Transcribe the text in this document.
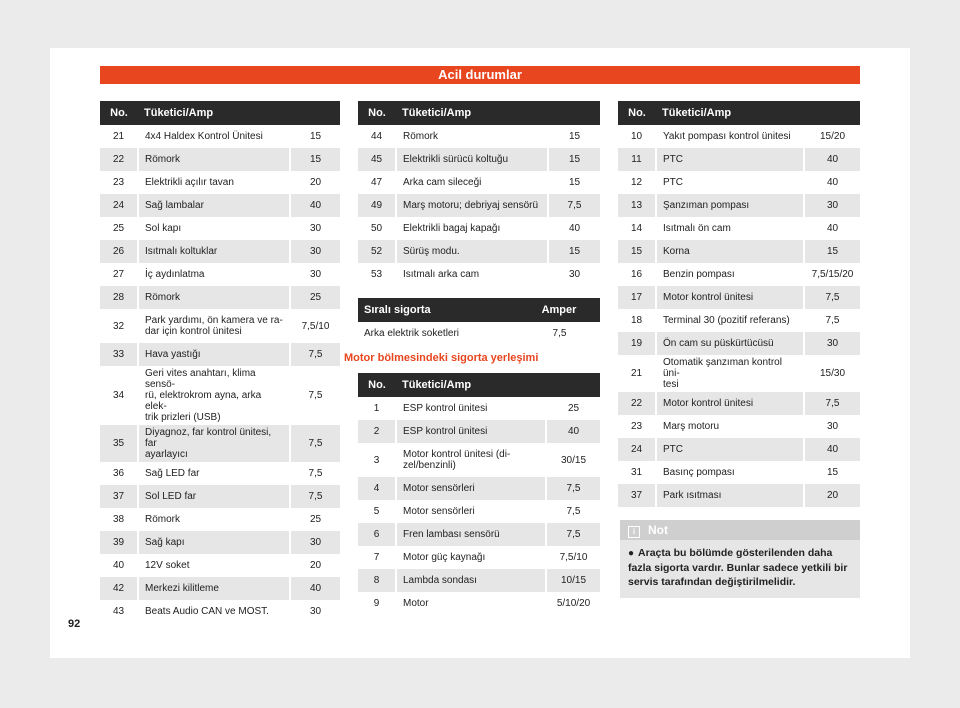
Acil durumlar
No.	Tüketici/Amp	
21	4x4 Haldex Kontrol Ünitesi	15
22	Römork	15
23	Elektrikli açılır tavan	20
24	Sağ lambalar	40
25	Sol kapı	30
26	Isıtmalı koltuklar	30
27	İç aydınlatma	30
28	Römork	25
32	Park yardımı, ön kamera ve ra-
dar için kontrol ünitesi	7,5/10
33	Hava yastığı	7,5
34	Geri vites anahtarı, klima sensö-
rü, elektrokrom ayna, arka elek-
trik prizleri (USB)	7,5
35	Diyagnoz, far kontrol ünitesi, far
ayarlayıcı	7,5
36	Sağ LED far	7,5
37	Sol LED far	7,5
38	Römork	25
39	Sağ kapı	30
40	12V soket	20
42	Merkezi kilitleme	40
43	Beats Audio CAN ve MOST.	30
No.	Tüketici/Amp	
44	Römork	15
45	Elektrikli sürücü koltuğu	15
47	Arka cam sileceği	15
49	Marş motoru; debriyaj sensörü	7,5
50	Elektrikli bagaj kapağı	40
52	Sürüş modu.	15
53	Isıtmalı arka cam	30
Sıralı sigorta	Amper
Arka elektrik soketleri	7,5
Motor bölmesindeki sigorta yerleşimi
No.	Tüketici/Amp	
1	ESP kontrol ünitesi	25
2	ESP kontrol ünitesi	40
3	Motor kontrol ünitesi (di-
zel/benzinli)	30/15
4	Motor sensörleri	7,5
5	Motor sensörleri	7,5
6	Fren lambası sensörü	7,5
7	Motor güç kaynağı	7,5/10
8	Lambda sondası	10/15
9	Motor	5/10/20
No.	Tüketici/Amp	
10	Yakıt pompası kontrol ünitesi	15/20
11	PTC	40
12	PTC	40
13	Şanzıman pompası	30
14	Isıtmalı ön cam	40
15	Korna	15
16	Benzin pompası	7,5/15/20
17	Motor kontrol ünitesi	7,5
18	Terminal 30 (pozitif referans)	7,5
19	Ön cam su püskürtücüsü	30
21	Otomatik şanzıman kontrol üni-
tesi	15/30
22	Motor kontrol ünitesi	7,5
23	Marş motoru	30
24	PTC	40
31	Basınç pompası	15
37	Park ısıtması	20
i Not
● Araçta bu bölümde gösterilenden daha fazla sigorta vardır. Bunlar sadece yetkili bir servis tarafından değiştirilmelidir.
92
